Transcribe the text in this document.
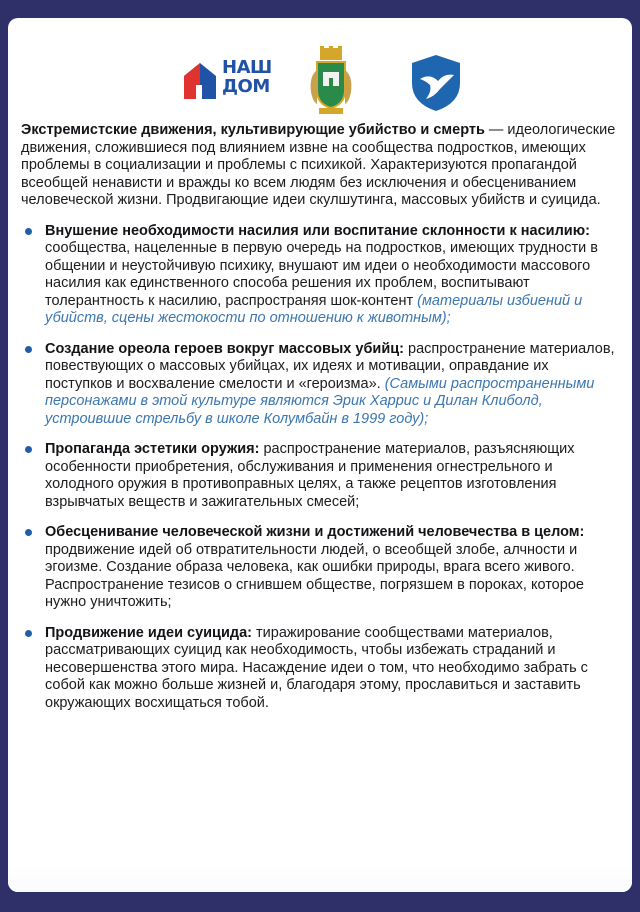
НАШ
ДОМ

Экстремистские движения, культивирующие убийство и смерть — идеологические движения, сложившиеся под влиянием извне на сообщества подростков, имеющих проблемы в социализации и проблемы с психикой. Характеризуются пропагандой всеобщей ненависти и вражды ко всем людям без исключения и обесцениванием человеческой жизни. Продвигающие идеи скулшутинга, массовых убийств и суицида.

Внушение необходимости насилия или воспитание склонности к насилию: сообщества, нацеленные в первую очередь на подростков, имеющих трудности в общении и неустойчивую психику, внушают им идеи о необходимости массового насилия как единственного способа решения их проблем, воспитывают толерантность к насилию, распространяя шок-контент (материалы избиений и убийств, сцены жестокости по отношению к животным);
Создание ореола героев вокруг массовых убийц: распространение материалов, повествующих о массовых убийцах, их идеях и мотивации, оправдание их поступков и восхваление смелости и «героизма». (Самыми распространенными персонажами в этой культуре являются Эрик Харрис и Дилан Клиболд, устроившие стрельбу в школе Колумбайн в 1999 году);
Пропаганда эстетики оружия: распространение материалов, разъясняющих особенности приобретения, обслуживания и применения огнестрельного и холодного оружия в противоправных целях, а также рецептов изготовления взрывчатых веществ и зажигательных смесей;
Обесценивание человеческой жизни и достижений человечества в целом: продвижение идей об отвратительности людей, о всеобщей злобе, алчности и эгоизме. Создание образа человека, как ошибки природы, врага всего живого. Распространение тезисов о сгнившем обществе, погрязшем в пороках, которое нужно уничтожить;
Продвижение идеи суицида: тиражирование сообществами материалов, рассматривающих суицид как необходимость, чтобы избежать страданий и несовершенства этого мира. Насаждение идеи о том, что необходимо забрать с собой как можно больше жизней и, благодаря этому, прославиться и заставить окружающих восхищаться тобой.
